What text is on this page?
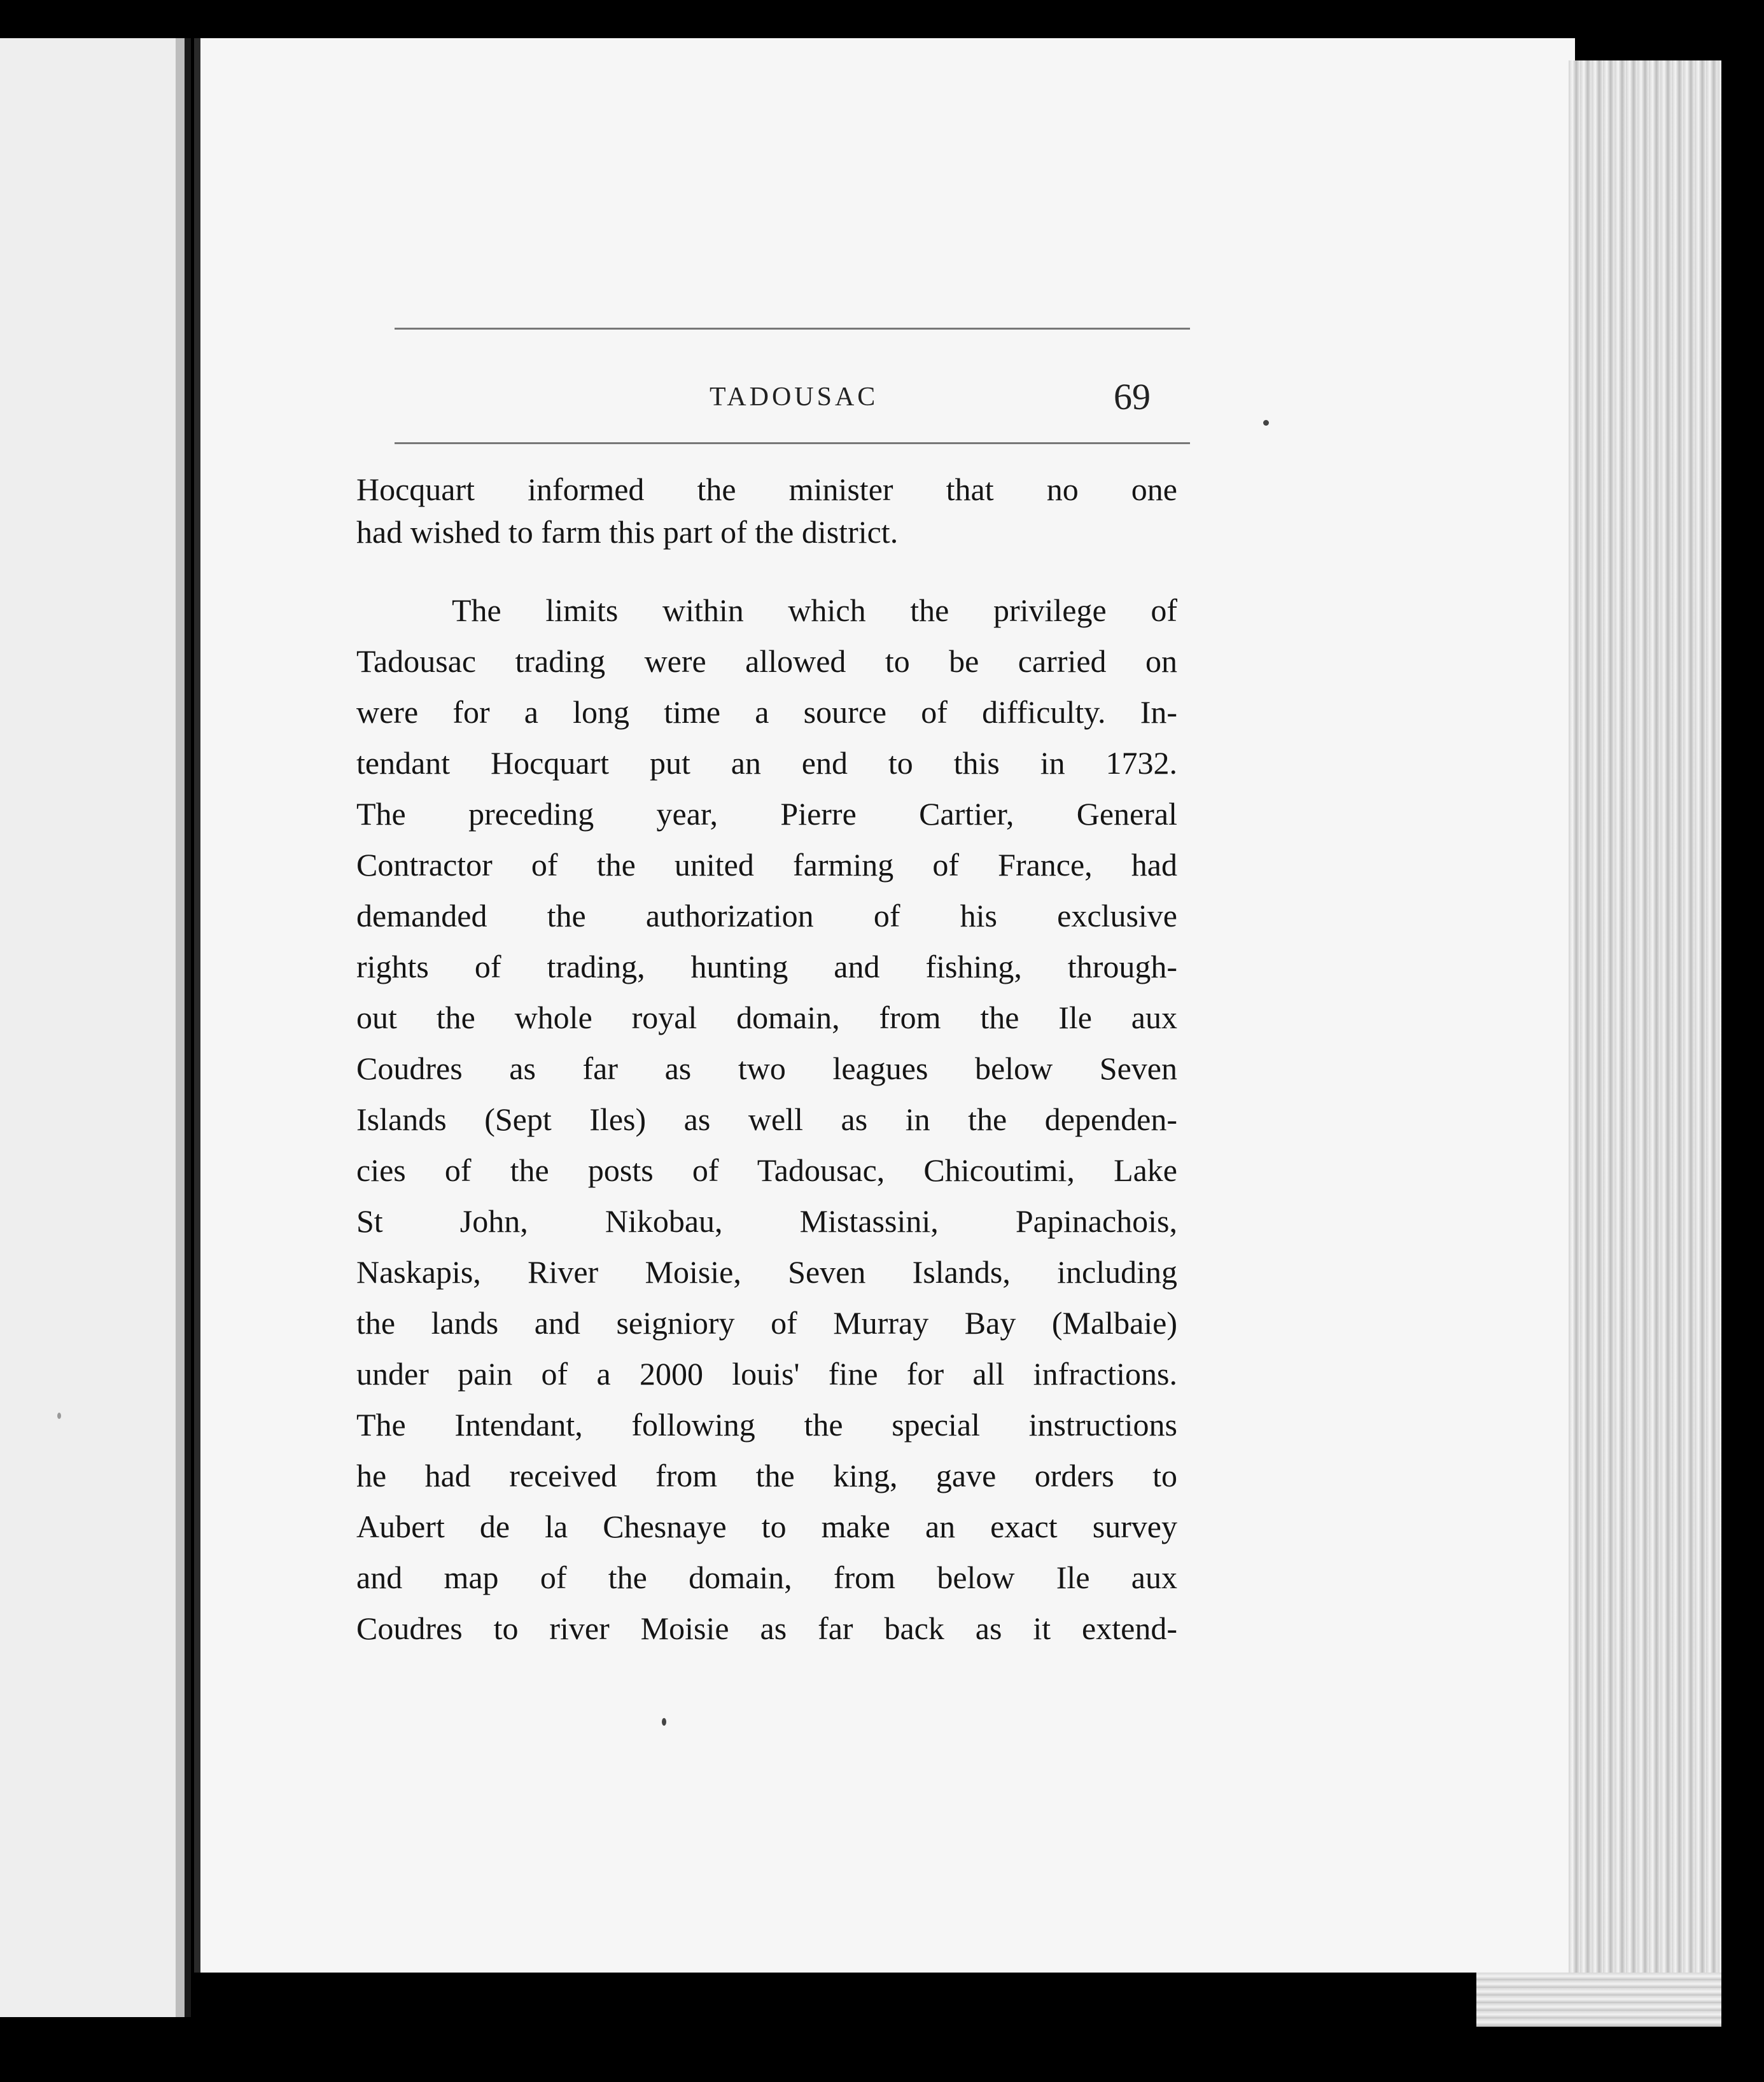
TADOUSAC	69
Hocquart informed the minister that no one
had wished to farm this part of the district.
The limits within which the privilege of
Tadousac trading were allowed to be carried on
were for a long time a source of difficulty. In-
tendant Hocquart put an end to this in 1732.
The preceding year, Pierre Cartier, General
Contractor of the united farming of France, had
demanded the authorization of his exclusive
rights of trading, hunting and fishing, through-
out the whole royal domain, from the Ile aux
Coudres as far as two leagues below Seven
Islands (Sept Iles) as well as in the dependen-
cies of the posts of Tadousac, Chicoutimi, Lake
St John, Nikobau, Mistassini, Papinachois,
Naskapis, River Moisie, Seven Islands, including
the lands and seigniory of Murray Bay (Malbaie)
under pain of a 2000 louis' fine for all infractions.
The Intendant, following the special instructions
he had received from the king, gave orders to
Aubert de la Chesnaye to make an exact survey
and map of the domain, from below Ile aux
Coudres to river Moisie as far back as it extend-
